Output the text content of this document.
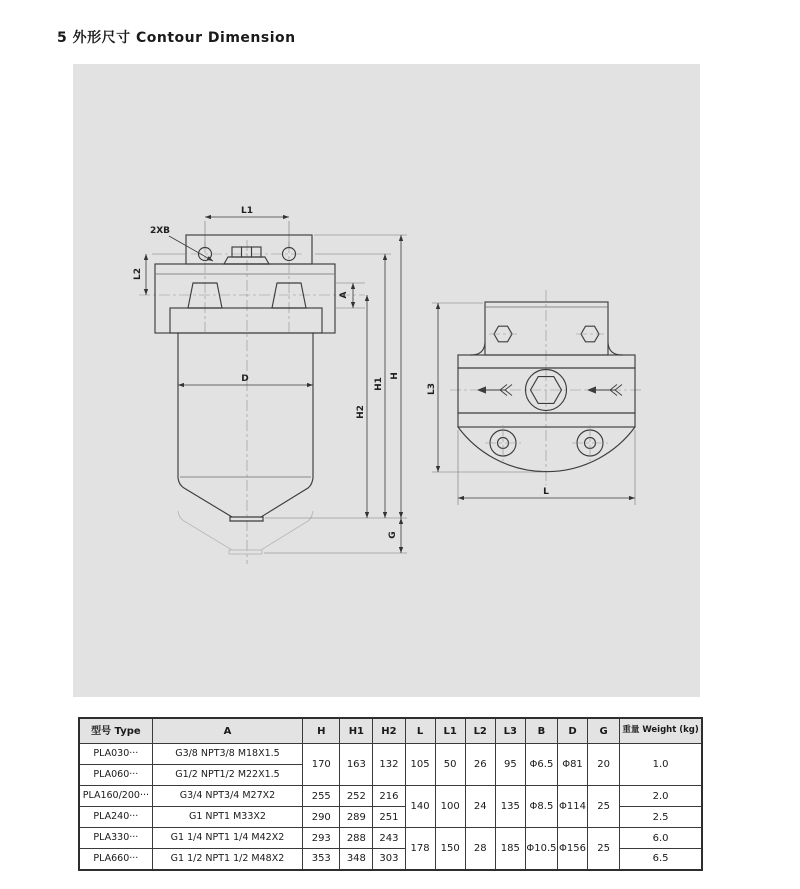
5 外形尺寸 Contour Dimension
L1
2XB
A
L2
D
H2
H1
H
G
L3
L
型号 Type	A	H	H1	H2	L	L1	L2	L3	B	D	G	重量 Weight (kg)
PLA030···	G3/8 NPT3/8 M18X1.5	170	163	132	105	50	26	95	Φ6.5	Φ81	20	1.0
PLA060···	G1/2 NPT1/2 M22X1.5											
PLA160/200···	G3/4 NPT3/4 M27X2	255	252	216	140	100	24	135	Φ8.5	Φ114	25	2.0
PLA240···	G1 NPT1 M33X2	290	289	251								2.5
PLA330···	G1 1/4 NPT1 1/4 M42X2	293	288	243	178	150	28	185	Φ10.5	Φ156	25	6.0
PLA660···	G1 1/2 NPT1 1/2 M48X2	353	348	303								6.5
